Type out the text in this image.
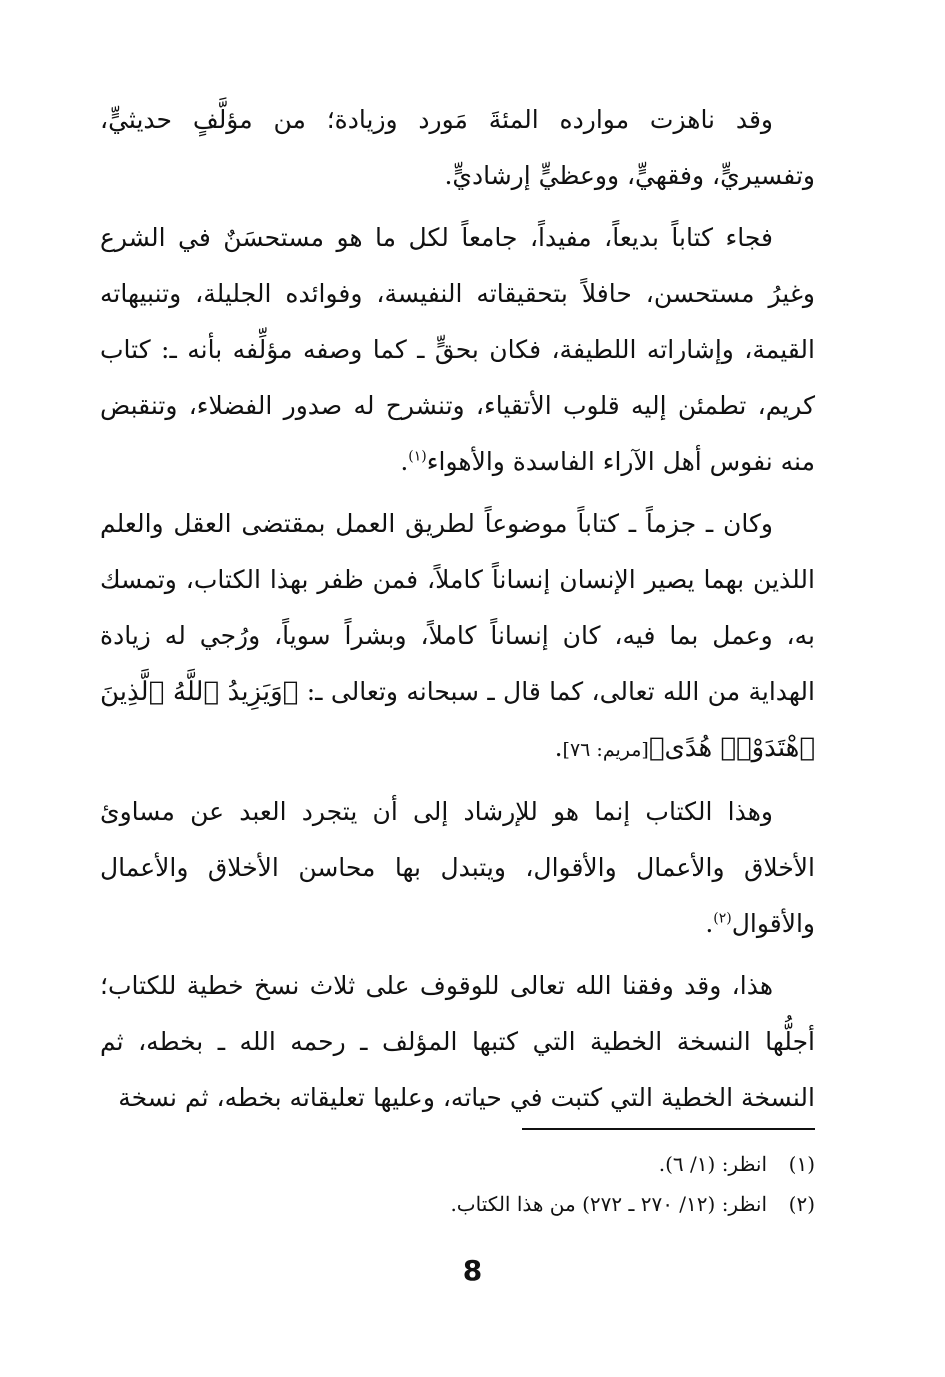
وقد ناهزت موارده المئةَ مَورد وزيادة؛ من مؤلَّفٍ حديثيٍّ، وتفسيريٍّ، وفقهيٍّ، ووعظيٍّ إرشاديٍّ.

فجاء كتاباً بديعاً، مفيداً، جامعاً لكل ما هو مستحسَنٌ في الشرع وغيرُ مستحسن، حافلاً بتحقيقاته النفيسة، وفوائده الجليلة، وتنبيهاته القيمة، وإشاراته اللطيفة، فكان بحقٍّ ـ كما وصفه مؤلِّفه بأنه ـ: كتاب كريم، تطمئن إليه قلوب الأتقياء، وتنشرح له صدور الفضلاء، وتنقبض منه نفوس أهل الآراء الفاسدة والأهواء$^{(١)}$.

وكان ـ جزماً ـ كتاباً موضوعاً لطريق العمل بمقتضى العقل والعلم اللذين بهما يصير الإنسان إنساناً كاملاً، فمن ظفر بهذا الكتاب، وتمسك به، وعمل بما فيه، كان إنساناً كاملاً، وبشراً سوياً، ورُجي له زيادة الهداية من الله تعالى، كما قال ـ سبحانه وتعالى ـ: ﴿وَيَزِيدُ ٱللَّهُ ٱلَّذِينَ ٱهْتَدَوْا۟ هُدًى﴾[مريم: ٧٦].

وهذا الكتاب إنما هو للإرشاد إلى أن يتجرد العبد عن مساوئ الأخلاق والأعمال والأقوال، ويتبدل بها محاسن الأخلاق والأعمال والأقوال$^{(٢)}$.

هذا، وقد وفقنا الله تعالى للوقوف على ثلاث نسخ خطية للكتاب؛ أجلُّها النسخة الخطية التي كتبها المؤلف ـ رحمه الله ـ بخطه، ثم النسخة الخطية التي كتبت في حياته، وعليها تعليقاته بخطه، ثم نسخة

(١)انظر: (١/ ٦).

(٢)انظر: (١٢/ ٢٧٠ ـ ٢٧٢) من هذا الكتاب.

8
